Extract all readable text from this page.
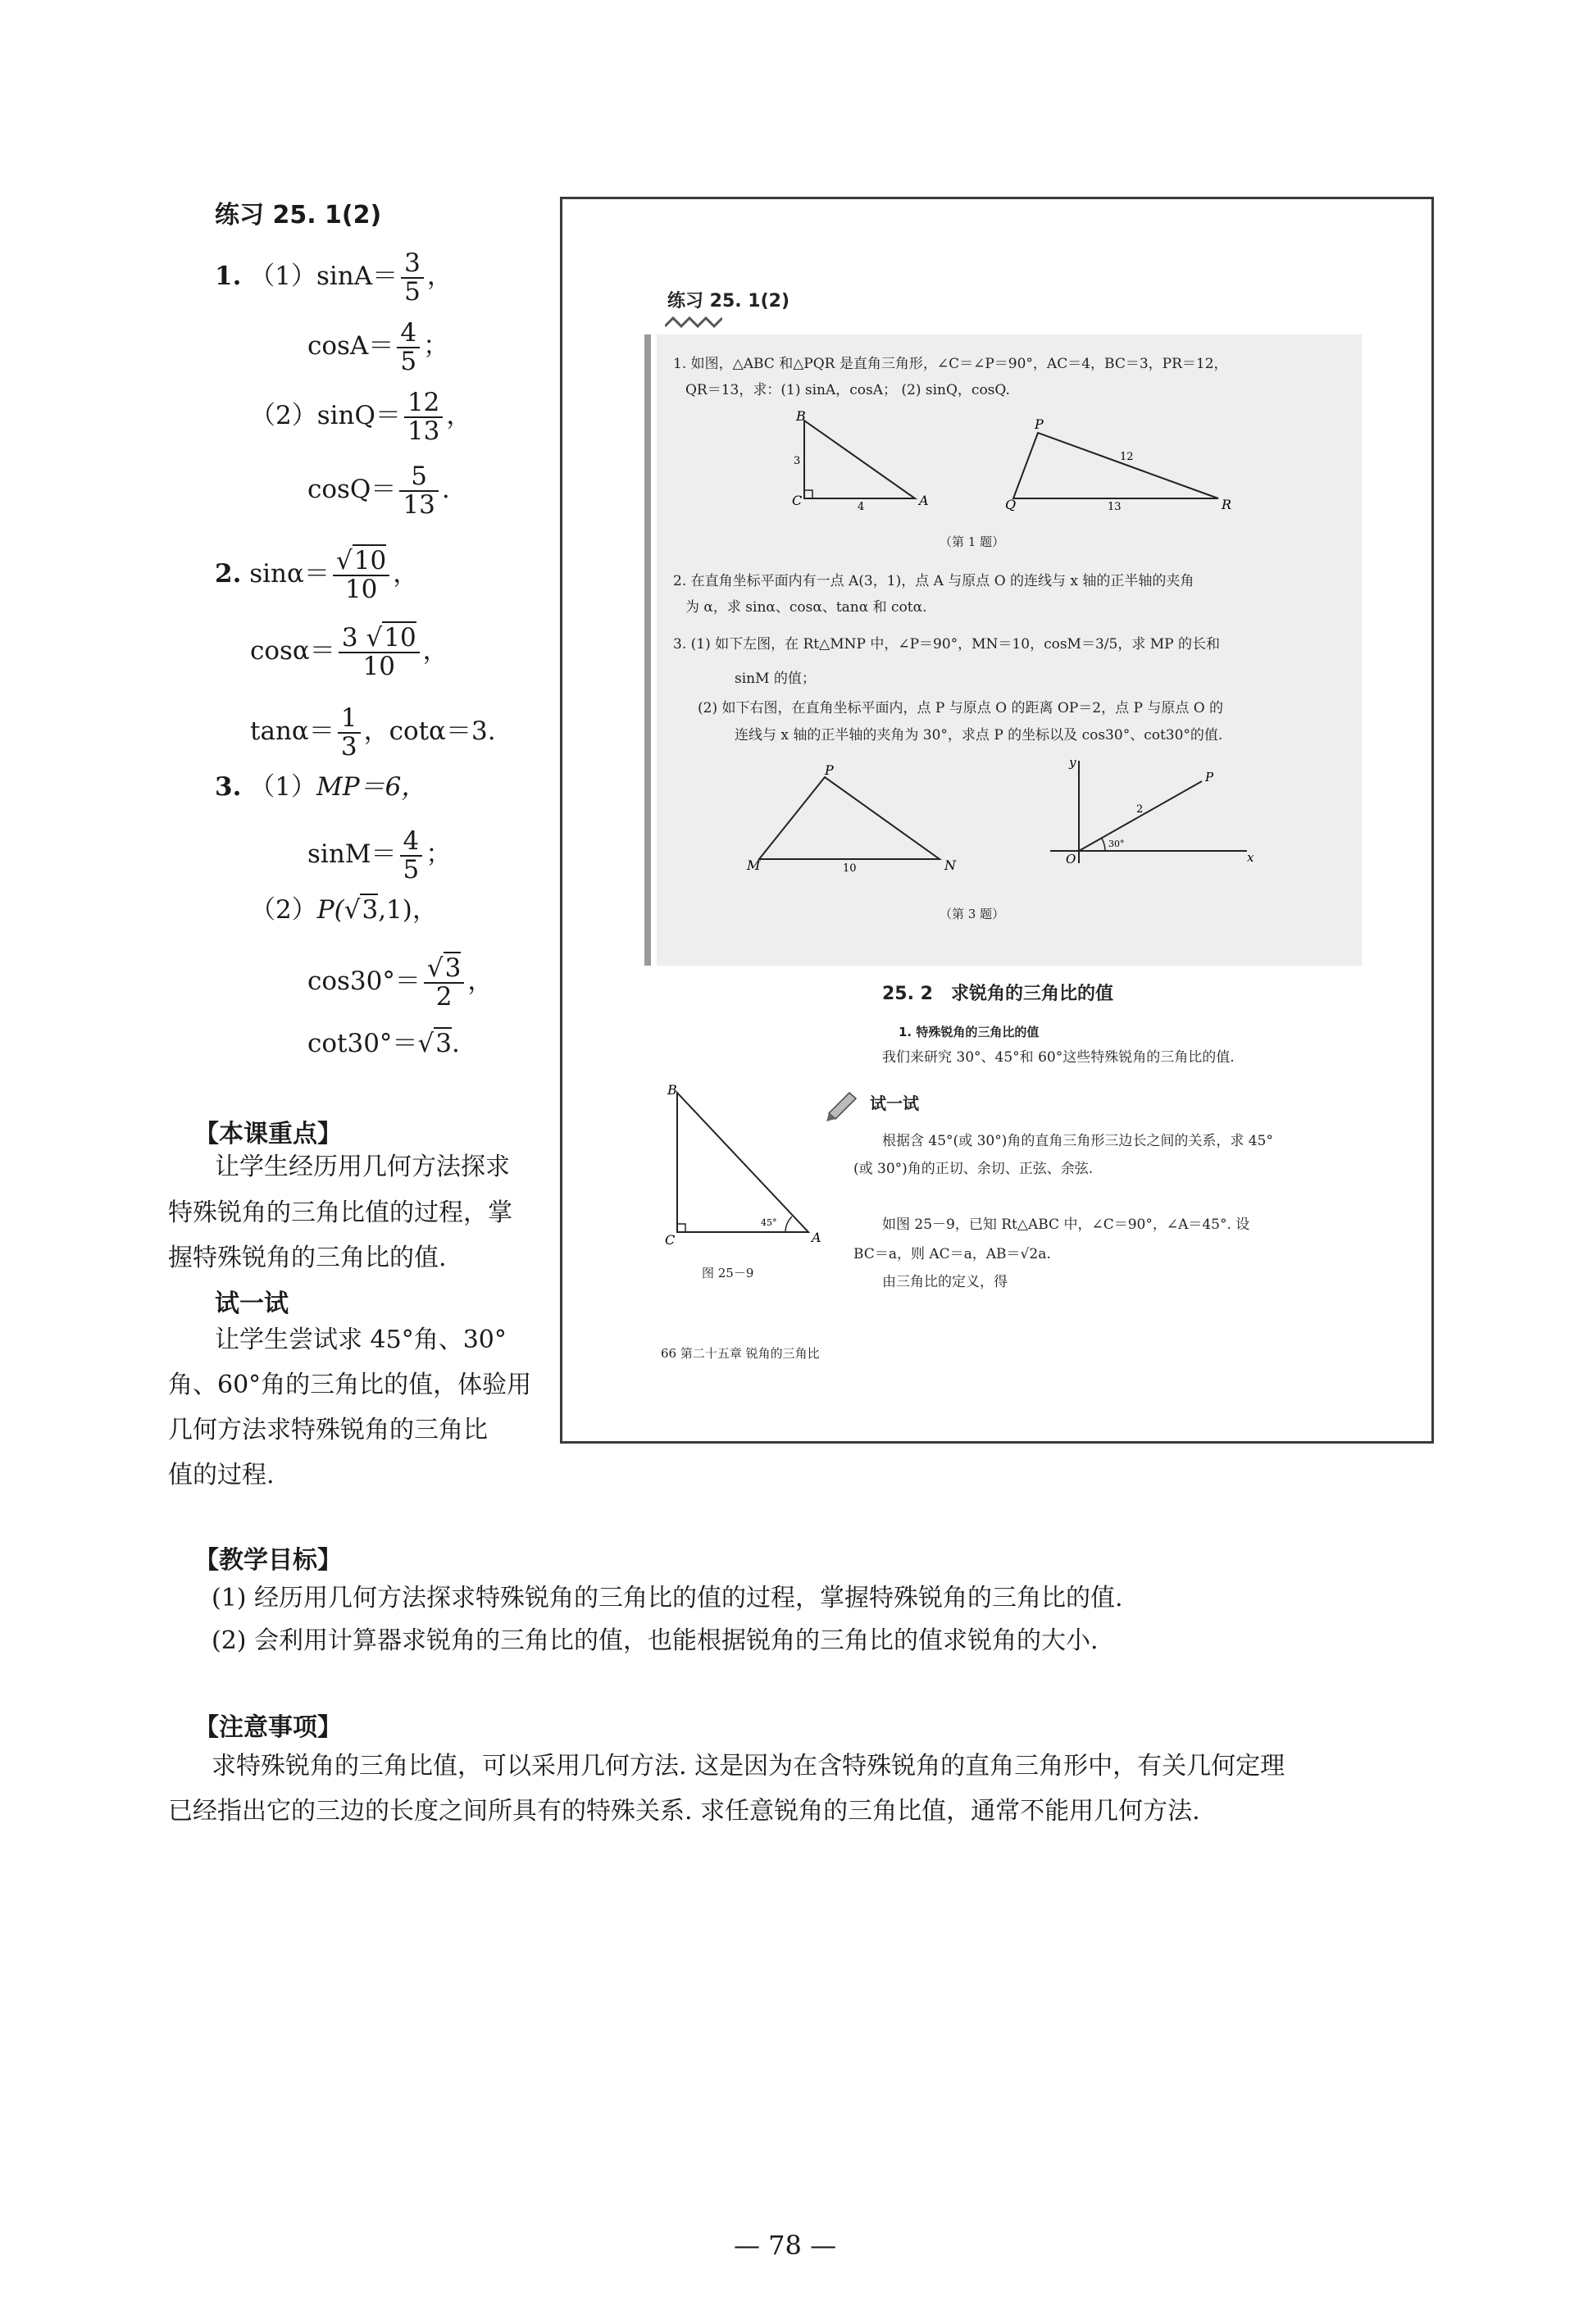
练习 25. 1(2)
1. $(1)\sin A= \frac{3}{5}$ ，
$\cos A= \frac{4}{5}$ ；
$(2)\sin Q= \frac{12}{13}$ ，
$\cos Q= \frac{5}{13}$ .
2. $\sin\alpha= \frac{√10}{10}$ ，
$\cos\alpha= \frac{3 √10}{10}$ ，
$\tan\alpha= \frac{1}{3}$ ，cotα＝3.
3. （1）MP＝6，
$\sin M= \frac{4}{5}$ ；
（2）P(√3,1)，
$\cos 30^\circ= \frac{√3}{2}$ ，
cot30°＝√3.
【本课重点】
让学生经历用几何方法探求
特殊锐角的三角比值的过程，掌
握特殊锐角的三角比的值.
试一试
让学生尝试求 45°角、30°
角、60°角的三角比的值，体验用
几何方法求特殊锐角的三角比
值的过程.
【教学目标】
(1) 经历用几何方法探求特殊锐角的三角比的值的过程，掌握特殊锐角的三角比的值.
(2) 会利用计算器求锐角的三角比的值，也能根据锐角的三角比的值求锐角的大小.
【注意事项】
求特殊锐角的三角比值，可以采用几何方法. 这是因为在含特殊锐角的直角三角形中，有关几何定理
已经指出它的三边的长度之间所具有的特殊关系. 求任意锐角的三角比值，通常不能用几何方法.
— 78 —
练习 25. 1(2)
1. 如图，△ABC 和△PQR 是直角三角形，∠C＝∠P＝90°，AC＝4，BC＝3，PR＝12，
QR＝13，求：(1) sinA，cosA； (2) sinQ，cosQ.
B
C	A
3
4
P
Q	R
12
13
（第 1 题）
2. 在直角坐标平面内有一点 A(3，1)，点 A 与原点 O 的连线与 x 轴的正半轴的夹角
为 α，求 sinα、cosα、tanα 和 cotα.
3. (1) 如下左图，在 Rt△MNP 中，∠P＝90°，MN＝10，cosM＝3/5，求 MP 的长和
sinM 的值；
(2) 如下右图，在直角坐标平面内，点 P 与原点 O 的距离 OP＝2，点 P 与原点 O 的
连线与 x 轴的正半轴的夹角为 30°，求点 P 的坐标以及 cos30°、cot30°的值.
P
M	N
10
y
x
O
P
2
30°
（第 3 题）
25. 2　求锐角的三角比的值
1. 特殊锐角的三角比的值
我们来研究 30°、45°和 60°这些特殊锐角的三角比的值.
试一试
根据含 45°(或 30°)角的直角三角形三边长之间的关系，求 45°
(或 30°)角的正切、余切、正弦、余弦.
如图 25－9，已知 Rt△ABC 中，∠C＝90°，∠A＝45°. 设
BC＝a，则 AC＝a，AB＝√2a.
由三角比的定义，得
B
C	A
45°
图 25－9
66 第二十五章 锐角的三角比
